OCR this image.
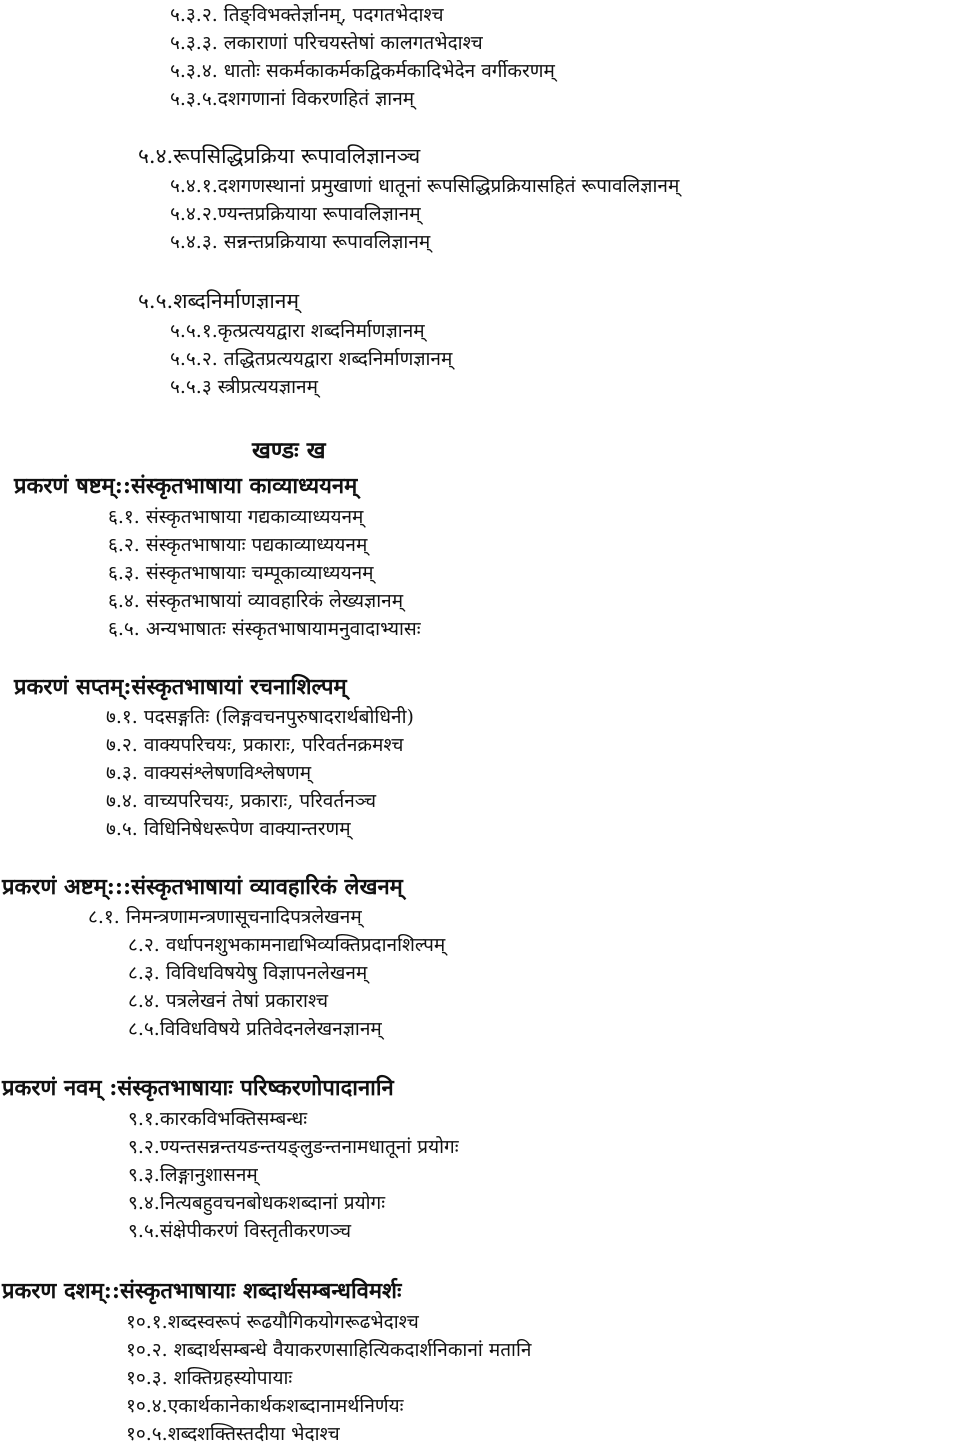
५.३.२. तिङ्विभक्तेर्ज्ञानम्, पदगतभेदाश्च
५.३.३. लकाराणां परिचयस्तेषां कालगतभेदाश्च
५.३.४. धातोः सकर्मकाकर्मकद्विकर्मकादिभेदेन वर्गीकरणम्
५.३.५.दशगणानां विकरणहितं ज्ञानम्
५.४.रूपसिद्धिप्रक्रिया रूपावलिज्ञानञ्च
५.४.१.दशगणस्थानां प्रमुखाणां धातूनां रूपसिद्धिप्रक्रियासहितं रूपावलिज्ञानम्
५.४.२.ण्यन्तप्रक्रियाया रूपावलिज्ञानम्
५.४.३. सन्नन्तप्रक्रियाया रूपावलिज्ञानम्
५.५.शब्दनिर्माणज्ञानम्
५.५.१.कृत्प्रत्ययद्वारा शब्दनिर्माणज्ञानम्
५.५.२. तद्धितप्रत्ययद्वारा शब्दनिर्माणज्ञानम्
५.५.३ स्त्रीप्रत्ययज्ञानम्
खण्डः ख
प्रकरणं षष्टम्::संस्कृतभाषाया काव्याध्ययनम्
६.१. संस्कृतभाषाया गद्यकाव्याध्ययनम्
६.२. संस्कृतभाषायाः पद्यकाव्याध्ययनम्
६.३. संस्कृतभाषायाः चम्पूकाव्याध्ययनम्
६.४. संस्कृतभाषायां व्यावहारिकं लेख्यज्ञानम्
६.५. अन्यभाषातः संस्कृतभाषायामनुवादाभ्यासः
प्रकरणं सप्तम्:संस्कृतभाषायां रचनाशिल्पम्
७.१. पदसङ्गतिः (लिङ्गवचनपुरुषादरार्थबोधिनी)
७.२. वाक्यपरिचयः, प्रकाराः, परिवर्तनक्रमश्च
७.३. वाक्यसंश्लेषणविश्लेषणम्
७.४. वाच्यपरिचयः, प्रकाराः, परिवर्तनञ्च
७.५. विधिनिषेधरूपेण वाक्यान्तरणम्
प्रकरणं अष्टम्:::संस्कृतभाषायां व्यावहारिकं लेखनम्
८.१. निमन्त्रणामन्त्रणासूचनादिपत्रलेखनम्
८.२. वर्धापनशुभकामनाद्यभिव्यक्तिप्रदानशिल्पम्
८.३. विविधविषयेषु विज्ञापनलेखनम्
८.४. पत्रलेखनं तेषां प्रकाराश्च
८.५.विविधविषये प्रतिवेदनलेखनज्ञानम्
प्रकरणं नवम् :संस्कृतभाषायाः परिष्करणोपादानानि
९.१.कारकविभक्तिसम्बन्धः
९.२.ण्यन्तसन्नन्तयङन्तयङ्लुङन्तनामधातूनां प्रयोगः
९.३.लिङ्गानुशासनम्
९.४.नित्यबहुवचनबोधकशब्दानां प्रयोगः
९.५.संक्षेपीकरणं विस्तृतीकरणञ्च
प्रकरण दशम्::संस्कृतभाषायाः शब्दार्थसम्बन्धविमर्शः
१०.१.शब्दस्वरूपं रूढयौगिकयोगरूढभेदाश्च
१०.२. शब्दार्थसम्बन्धे वैयाकरणसाहित्यिकदार्शनिकानां मतानि
१०.३. शक्तिग्रहस्योपायाः
१०.४.एकार्थकानेकार्थकशब्दानामर्थनिर्णयः
१०.५.शब्दशक्तिस्तदीया भेदाश्च
